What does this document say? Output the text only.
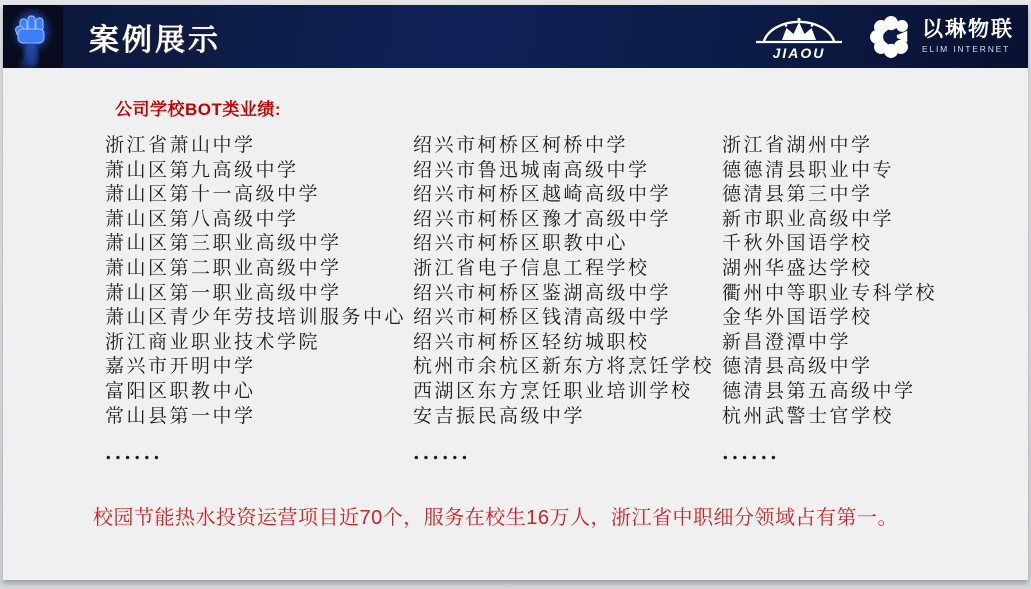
案例展示	JIAOU
以琳物联
ELIM INTERNET
公司学校BOT类业绩:
浙江省萧山中学
萧山区第九高级中学
萧山区第十一高级中学
萧山区第八高级中学
萧山区第三职业高级中学
萧山区第二职业高级中学
萧山区第一职业高级中学
萧山区青少年劳技培训服务中心
浙江商业职业技术学院
嘉兴市开明中学
富阳区职教中心
常山县第一中学
......
绍兴市柯桥区柯桥中学
绍兴市鲁迅城南高级中学
绍兴市柯桥区越崎高级中学
绍兴市柯桥区豫才高级中学
绍兴市柯桥区职教中心
浙江省电子信息工程学校
绍兴市柯桥区鉴湖高级中学
绍兴市柯桥区钱清高级中学
绍兴市柯桥区轻纺城职校
杭州市余杭区新东方将烹饪学校
西湖区东方烹饪职业培训学校
安吉振民高级中学
......
浙江省湖州中学
德德清县职业中专
德清县第三中学
新市职业高级中学
千秋外国语学校
湖州华盛达学校
衢州中等职业专科学校
金华外国语学校
新昌澄潭中学
德清县高级中学
德清县第五高级中学
杭州武警士官学校
......
校园节能热水投资运营项目近70个，服务在校生16万人，浙江省中职细分领域占有第一。
